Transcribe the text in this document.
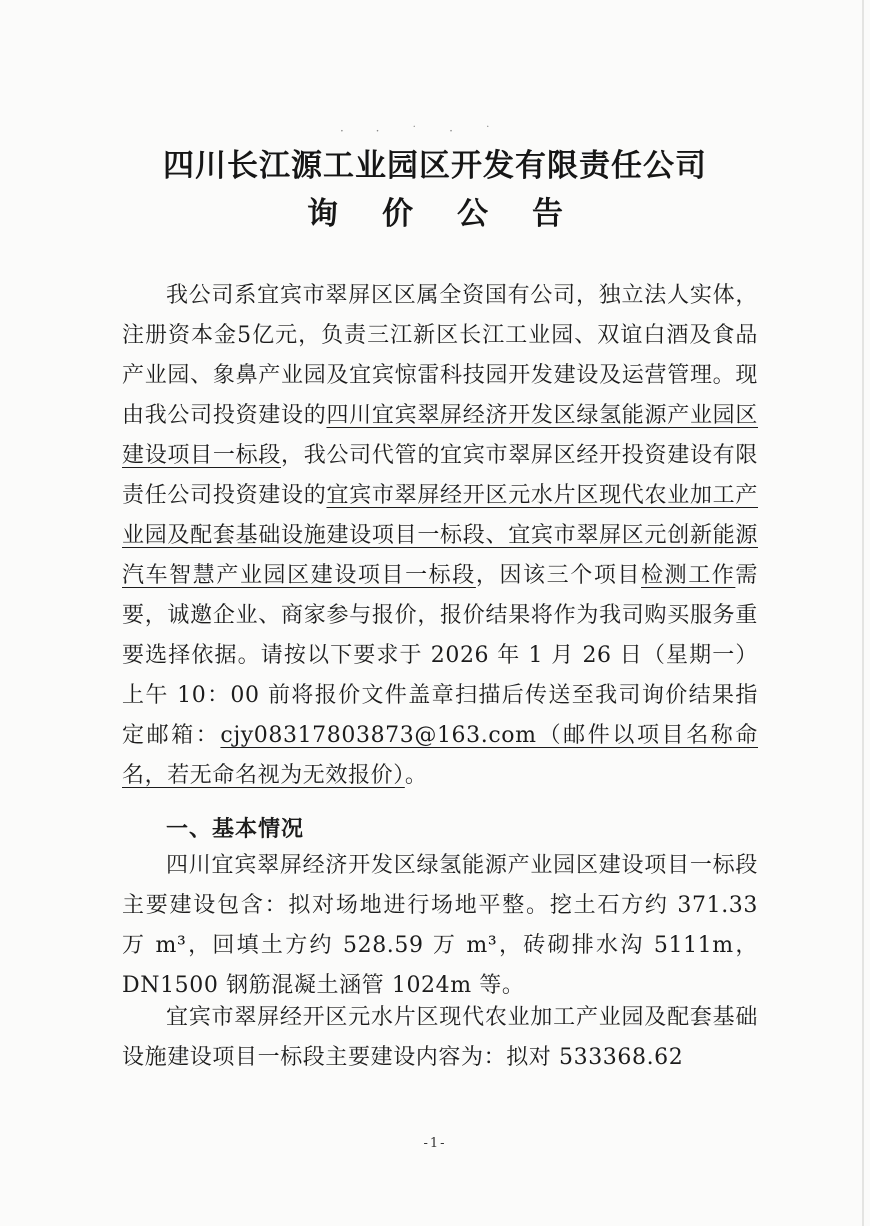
· · ˙ · ˙
四川长江源工业园区开发有限责任公司
询 价 公 告
我公司系宜宾市翠屏区区属全资国有公司，独立法人实体，注册资本金5亿元，负责三江新区长江工业园、双谊白酒及食品产业园、象鼻产业园及宜宾惊雷科技园开发建设及运营管理。现由我公司投资建设的四川宜宾翠屏经济开发区绿氢能源产业园区建设项目一标段，我公司代管的宜宾市翠屏区经开投资建设有限责任公司投资建设的宜宾市翠屏经开区元水片区现代农业加工产业园及配套基础设施建设项目一标段、宜宾市翠屏区元创新能源汽车智慧产业园区建设项目一标段，因该三个项目检测工作需要，诚邀企业、商家参与报价，报价结果将作为我司购买服务重要选择依据。请按以下要求于 2026 年 1 月 26 日（星期一）上午 10：00 前将报价文件盖章扫描后传送至我司询价结果指定邮箱：cjy08317803873@163.com（邮件以项目名称命名，若无命名视为无效报价）。
一、基本情况
四川宜宾翠屏经济开发区绿氢能源产业园区建设项目一标段主要建设包含：拟对场地进行场地平整。挖土石方约 371.33 万 m³，回填土方约 528.59 万 m³，砖砌排水沟 5111m，DN1500 钢筋混凝土涵管 1024m 等。
宜宾市翠屏经开区元水片区现代农业加工产业园及配套基础设施建设项目一标段主要建设内容为：拟对 533368.62
-1-
